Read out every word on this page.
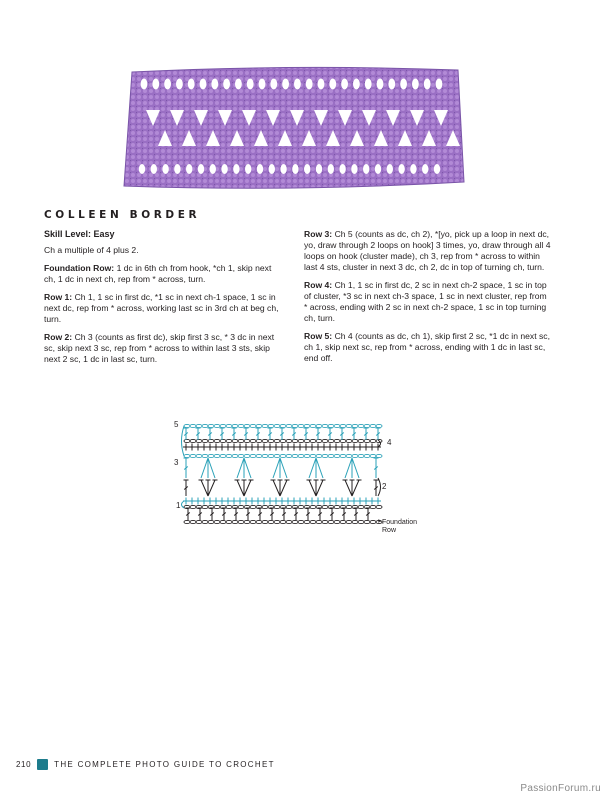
COLLEEN BORDER

Skill Level: Easy

Ch a multiple of 4 plus 2.

Foundation Row: 1 dc in 6th ch from hook, *ch 1, skip next ch, 1 dc in next ch, rep from * across, turn.

Row 1: Ch 1, 1 sc in first dc, *1 sc in next ch-1 space, 1 sc in next dc, rep from * across, working last sc in 3rd ch at beg ch, turn.

Row 2: Ch 3 (counts as first dc), skip first 3 sc, * 3 dc in next sc, skip next 3 sc, rep from * across to within last 3 sts, skip next 2 sc, 1 dc in last sc, turn.

Row 3: Ch 5 (counts as dc, ch 2), *[yo, pick up a loop in next dc, yo, draw through 2 loops on hook] 3 times, yo, draw through all 4 loops on hook (cluster made), ch 3, rep from * across to within last 4 sts, cluster in next 3 dc, ch 2, dc in top of turning ch, turn.

Row 4: Ch 1, 1 sc in first dc, 2 sc in next ch-2 space, 1 sc in top of cluster, *3 sc in next ch-3 space, 1 sc in next cluster, rep from * across, ending with 2 sc in next ch-2 space, 1 sc in top turning ch, turn.

Row 5: Ch 4 (counts as dc, ch 1), skip first 2 sc, *1 dc in next sc, ch 1, skip next sc, rep from * across, ending with 1 dc in last sc, end off.

5
4
3
2
1
Foundation
Row
210	THE COMPLETE PHOTO GUIDE TO CROCHET
PassionForum.ru
